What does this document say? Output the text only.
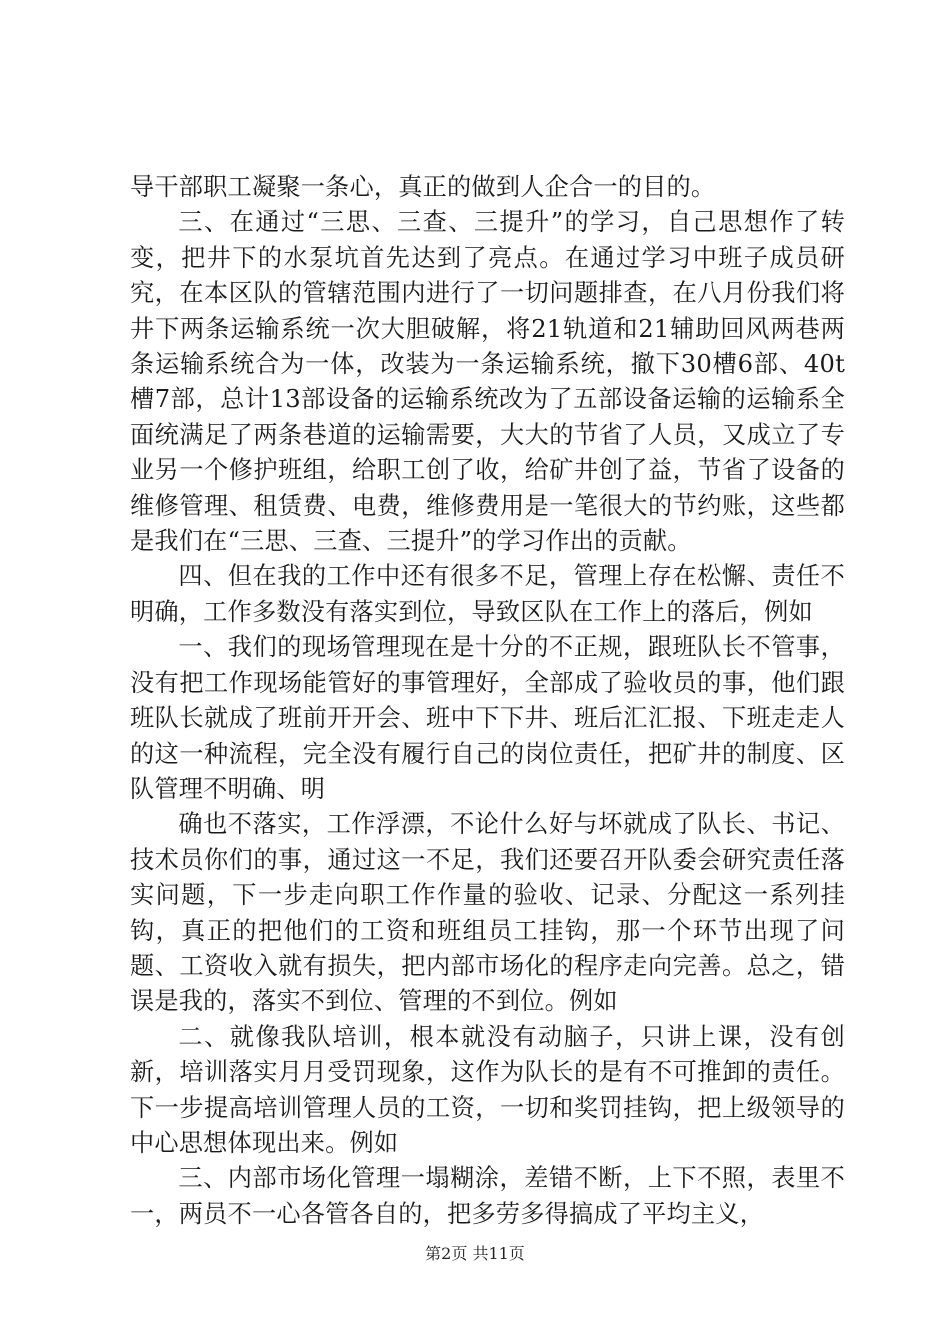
导干部职工凝聚一条心，真正的做到人企合一的目的。

三、在通过“三思、三查、三提升”的学习，自己思想作了转变，把井下的水泵坑首先达到了亮点。在通过学习中班子成员研究，在本区队的管辖范围内进行了一切问题排查，在八月份我们将井下两条运输系统一次大胆破解，将21轨道和21辅助回风两巷两条运输系统合为一体，改装为一条运输系统，撤下30槽6部、40t槽7部，总计13部设备的运输系统改为了五部设备运输的运输系全面统满足了两条巷道的运输需要，大大的节省了人员，又成立了专业另一个修护班组，给职工创了收，给矿井创了益，节省了设备的维修管理、租赁费、电费，维修费用是一笔很大的节约账，这些都是我们在“三思、三查、三提升”的学习作出的贡献。

四、但在我的工作中还有很多不足，管理上存在松懈、责任不明确，工作多数没有落实到位，导致区队在工作上的落后，例如

一、我们的现场管理现在是十分的不正规，跟班队长不管事，没有把工作现场能管好的事管理好，全部成了验收员的事，他们跟班队长就成了班前开开会、班中下下井、班后汇汇报、下班走走人的这一种流程，完全没有履行自己的岗位责任，把矿井的制度、区队管理不明确、明

确也不落实，工作浮漂，不论什么好与坏就成了队长、书记、技术员你们的事，通过这一不足，我们还要召开队委会研究责任落实问题，下一步走向职工作作量的验收、记录、分配这一系列挂钩，真正的把他们的工资和班组员工挂钩，那一个环节出现了问题、工资收入就有损失，把内部市场化的程序走向完善。总之，错误是我的，落实不到位、管理的不到位。例如

二、就像我队培训，根本就没有动脑子，只讲上课，没有创新，培训落实月月受罚现象，这作为队长的是有不可推卸的责任。下一步提高培训管理人员的工资，一切和奖罚挂钩，把上级领导的中心思想体现出来。例如

三、内部市场化管理一塌糊涂，差错不断，上下不照，表里不一，两员不一心各管各自的，把多劳多得搞成了平均主义，

第2页 共11页
